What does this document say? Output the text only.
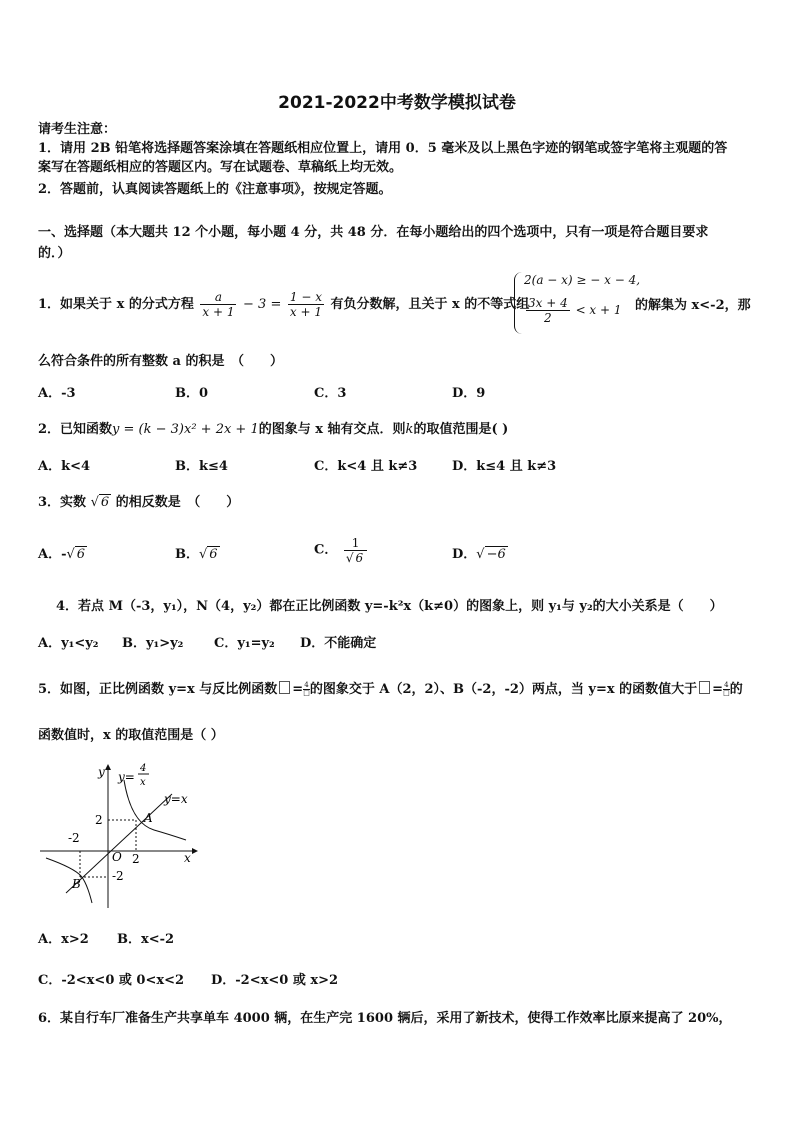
2021-2022中考数学模拟试卷
请考生注意：
1．请用 2B 铅笔将选择题答案涂填在答题纸相应位置上，请用 0．5 毫米及以上黑色字迹的钢笔或签字笔将主观题的答
案写在答题纸相应的答题区内。写在试题卷、草稿纸上均无效。
2．答题前，认真阅读答题纸上的《注意事项》，按规定答题。
一、选择题（本大题共 12 个小题，每小题 4 分，共 48 分．在每小题给出的四个选项中，只有一项是符合题目要求
的．）
1．如果关于 x 的分式方程 $\frac{a}{x + 1} - 3 = \frac{1 - x}{x + 1}$ 有负分数解，且关于 x 的不等式组
2(a − x) ≥ − x − 4,
$\frac{3x + 4}{2} < x + 1$ 的解集为 x<-2，那
么符合条件的所有整数 a 的积是　（　　）
A．-3	B．0	C．3	D．9
2．已知函数y = (k − 3)x² + 2x + 1的图象与 x 轴有交点．则k的取值范围是( )
A．k<4	B．k≤4	C．k<4 且 k≠3	D．k≤4 且 k≠3
3．实数 √ 6 的相反数是　（　　）
A．-√ 6	B．√ 6	C． $\frac{1}{√ 6}$	D．√ −6
4．若点 M（-3，y₁），N（4，y₂）都在正比例函数 y=-k²x（k≠0）的图象上，则 y₁与 y₂的大小关系是（　　）
A．y₁<y₂ B．y₁>y₂ C．y₁=y₂ D．不能确定
5．如图，正比例函数 y=x 与反比例函数 = $\frac{4}{□}$ 的图象交于 A（2，2）、B（-2，-2）两点，当 y=x 的函数值大于 = $\frac{4}{□}$ 的
函数值时，x 的取值范围是（ ）
y
x
O
y=
4
x
y=x
A
B
2
-2
2
-2
A．x>2 B．x<-2
C．-2<x<0 或 0<x<2 D．-2<x<0 或 x>2
6．某自行车厂准备生产共享单车 4000 辆，在生产完 1600 辆后，采用了新技术，使得工作效率比原来提高了 20%，
